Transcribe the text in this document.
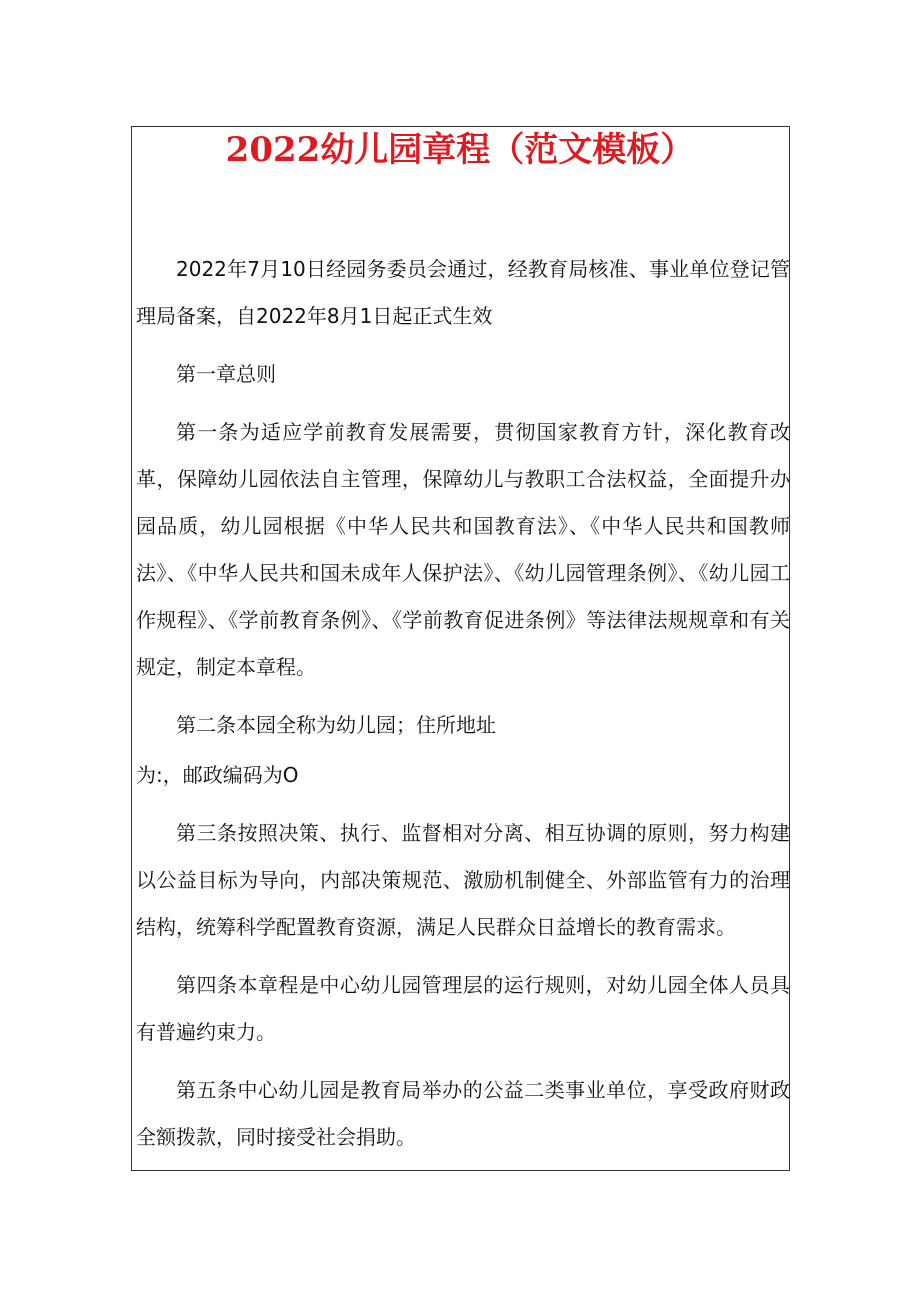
2022幼儿园章程（范文模板）

2022年7月10日经园务委员会通过，经教育局核准、事业单位登记管理局备案，自2022年8月1日起正式生效

第一章总则

第一条为适应学前教育发展需要，贯彻国家教育方针，深化教育改革，保障幼儿园依法自主管理，保障幼儿与教职工合法权益，全面提升办园品质，幼儿园根据《中华人民共和国教育法》、《中华人民共和国教师法》、《中华人民共和国未成年人保护法》、《幼儿园管理条例》、《幼儿园工作规程》、《学前教育条例》、《学前教育促进条例》等法律法规规章和有关规定，制定本章程。

第二条本园全称为幼儿园；住所地址

为:，邮政编码为O

第三条按照决策、执行、监督相对分离、相互协调的原则，努力构建以公益目标为导向，内部决策规范、激励机制健全、外部监管有力的治理结构，统筹科学配置教育资源，满足人民群众日益增长的教育需求。

第四条本章程是中心幼儿园管理层的运行规则，对幼儿园全体人员具有普遍约束力。

第五条中心幼儿园是教育局举办的公益二类事业单位，享受政府财政全额拨款，同时接受社会捐助。
